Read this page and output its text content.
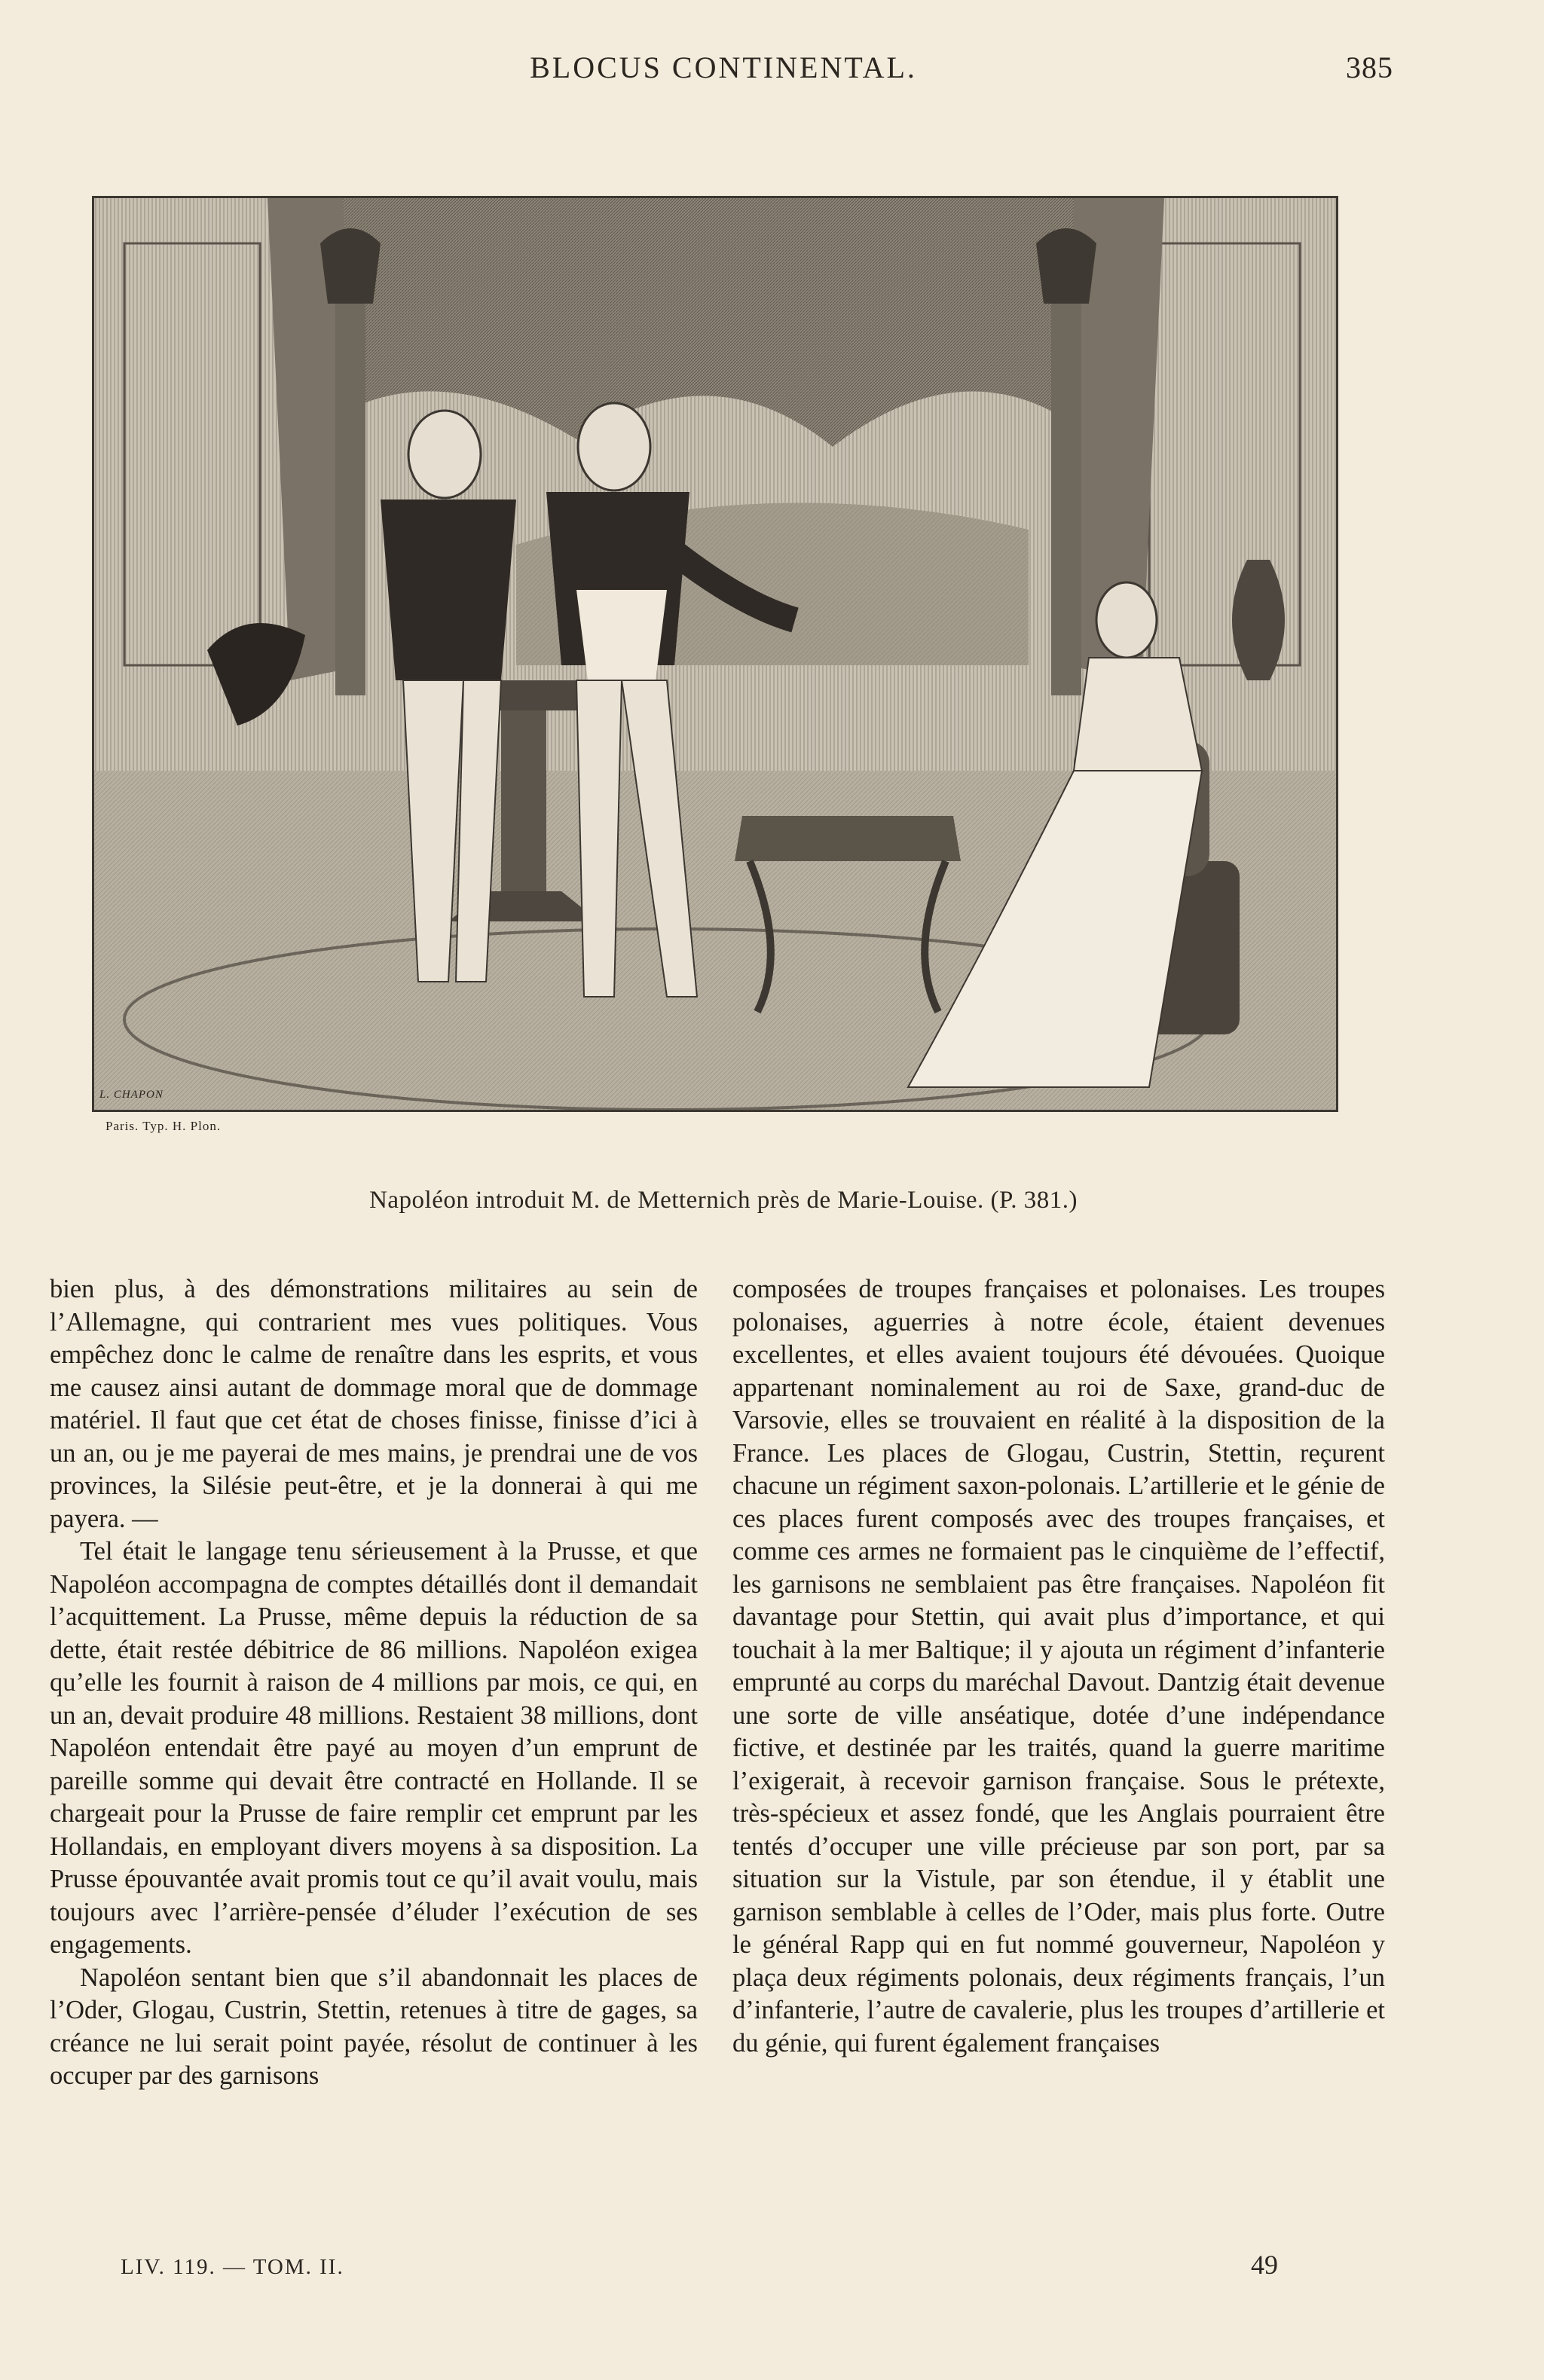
BLOCUS CONTINENTAL.	385
L. CHAPON
Paris. Typ. H. Plon.
Napoléon introduit M. de Metternich près de Marie-Louise. (P. 381.)

bien plus, à des démonstrations militaires au sein de l’Allemagne, qui contrarient mes vues politiques. Vous empêchez donc le calme de renaître dans les esprits, et vous me causez ainsi autant de dommage moral que de dommage matériel. Il faut que cet état de choses finisse, finisse d’ici à un an, ou je me payerai de mes mains, je prendrai une de vos provinces, la Silésie peut-être, et je la donnerai à qui me payera. —

Tel était le langage tenu sérieusement à la Prusse, et que Napoléon accompagna de comptes détaillés dont il demandait l’acquittement. La Prusse, même depuis la réduction de sa dette, était restée débitrice de 86 millions. Napoléon exigea qu’elle les fournit à raison de 4 millions par mois, ce qui, en un an, devait produire 48 millions. Restaient 38 millions, dont Napoléon entendait être payé au moyen d’un emprunt de pareille somme qui devait être contracté en Hollande. Il se chargeait pour la Prusse de faire remplir cet emprunt par les Hollandais, en employant divers moyens à sa disposition. La Prusse épouvantée avait promis tout ce qu’il avait voulu, mais toujours avec l’arrière-pensée d’éluder l’exécution de ses engagements.

Napoléon sentant bien que s’il abandonnait les places de l’Oder, Glogau, Custrin, Stettin, retenues à titre de gages, sa créance ne lui serait point payée, résolut de continuer à les occuper par des garnisons

composées de troupes françaises et polonaises. Les troupes polonaises, aguerries à notre école, étaient devenues excellentes, et elles avaient toujours été dévouées. Quoique appartenant nominalement au roi de Saxe, grand-duc de Varsovie, elles se trouvaient en réalité à la disposition de la France. Les places de Glogau, Custrin, Stettin, reçurent chacune un régiment saxon-polonais. L’artillerie et le génie de ces places furent composés avec des troupes françaises, et comme ces armes ne formaient pas le cinquième de l’effectif, les garnisons ne semblaient pas être françaises. Napoléon fit davantage pour Stettin, qui avait plus d’importance, et qui touchait à la mer Baltique; il y ajouta un régiment d’infanterie emprunté au corps du maréchal Davout. Dantzig était devenue une sorte de ville anséatique, dotée d’une indépendance fictive, et destinée par les traités, quand la guerre maritime l’exigerait, à recevoir garnison française. Sous le prétexte, très-spécieux et assez fondé, que les Anglais pourraient être tentés d’occuper une ville précieuse par son port, par sa situation sur la Vistule, par son étendue, il y établit une garnison semblable à celles de l’Oder, mais plus forte. Outre le général Rapp qui en fut nommé gouverneur, Napoléon y plaça deux régiments polonais, deux régiments français, l’un d’infanterie, l’autre de cavalerie, plus les troupes d’artillerie et du génie, qui furent également françaises

LIV. 119. — TOM. II.	49
